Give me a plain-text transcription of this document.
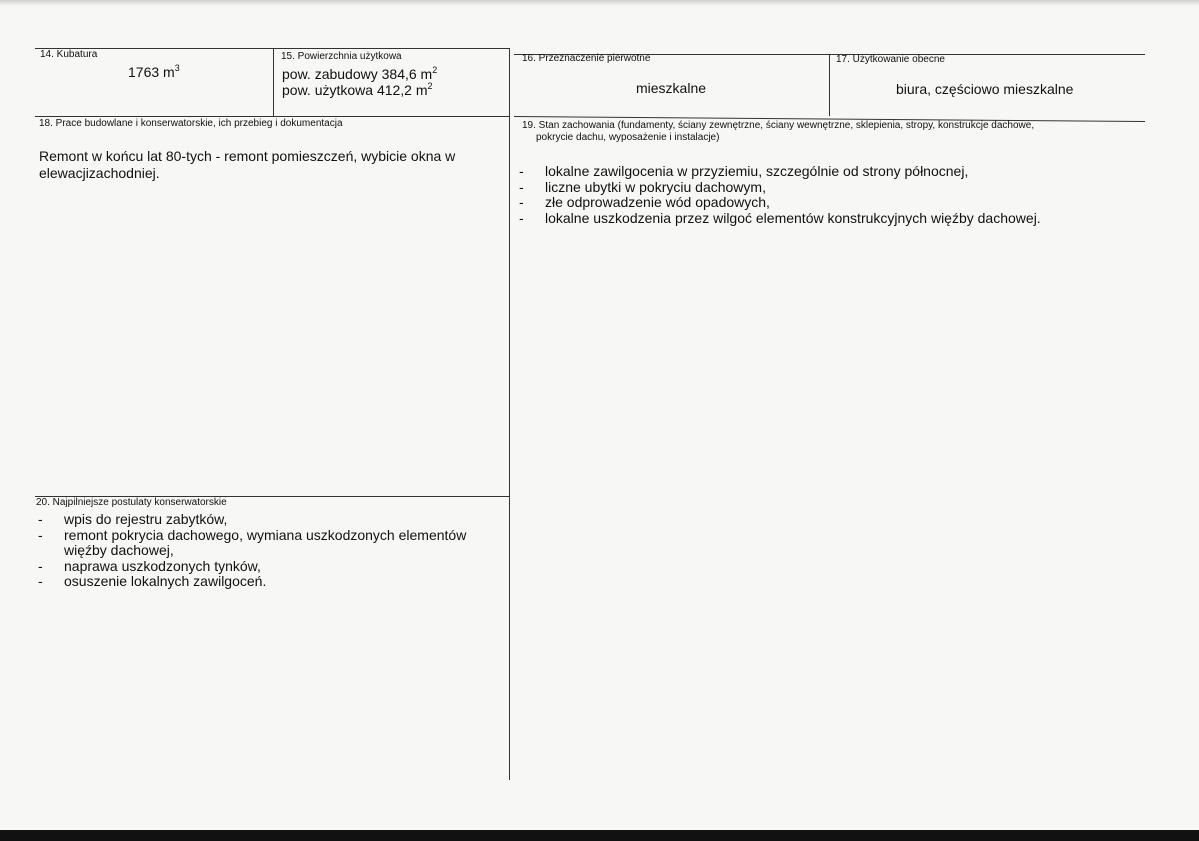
14. Kubatura
1763 $m^3$
15. Powierzchnia użytkowa
pow. zabudowy 384,6 $m^2$
pow. użytkowa 412,2 $m^2$
16. Przeznaczenie pierwotne
mieszkalne
17. Użytkowanie obecne
biura, częściowo mieszkalne
18. Prace budowlane i konserwatorskie, ich przebieg i dokumentacja
Remont w końcu lat 80-tych - remont pomieszczeń, wybicie okna w elewacjizachodniej.
19. Stan zachowania (fundamenty, ściany zewnętrzne, ściany wewnętrzne, sklepienia, stropy, konstrukcje dachowe,
pokrycie dachu, wyposażenie i instalacje)
- lokalne zawilgocenia w przyziemiu, szczególnie od strony północnej,
- liczne ubytki w pokryciu dachowym,
- złe odprowadzenie wód opadowych,
- lokalne uszkodzenia przez wilgoć elementów konstrukcyjnych więźby dachowej.
20. Najpilniejsze postulaty konserwatorskie
- wpis do rejestru zabytków,
- remont pokrycia dachowego, wymiana uszkodzonych elementów więźby dachowej,
- naprawa uszkodzonych tynków,
- osuszenie lokalnych zawilgoceń.
